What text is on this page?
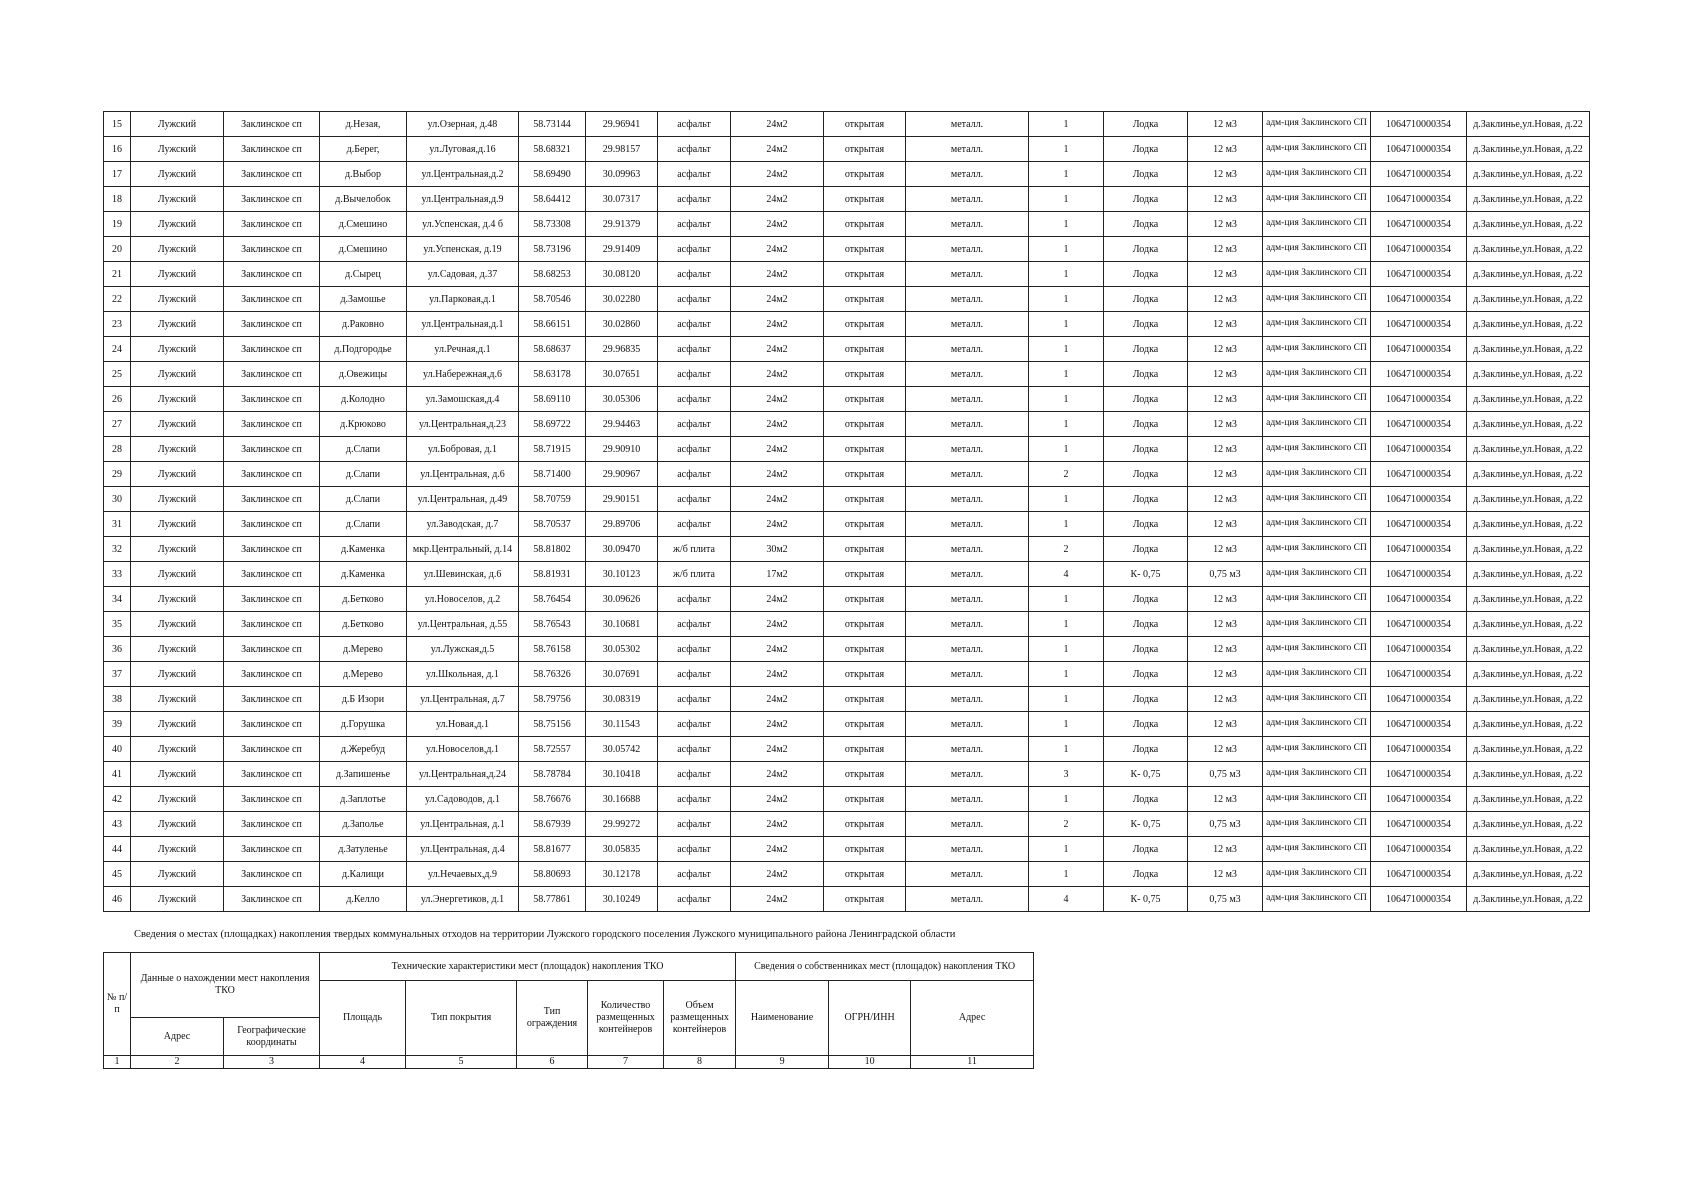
15	Лужский	Заклинское сп	д.Незая,	ул.Озерная, д.48	58.73144	29.96941	асфальт	24м2	открытая	металл.	1	Лодка	12 м3	адм-ция Заклинского СП	1064710000354	д.Заклинье,ул.Новая, д.22
16	Лужский	Заклинское сп	д.Берег,	ул.Луговая,д.16	58.68321	29.98157	асфальт	24м2	открытая	металл.	1	Лодка	12 м3	адм-ция Заклинского СП	1064710000354	д.Заклинье,ул.Новая, д.22
17	Лужский	Заклинское сп	д.Выбор	ул.Центральная,д.2	58.69490	30.09963	асфальт	24м2	открытая	металл.	1	Лодка	12 м3	адм-ция Заклинского СП	1064710000354	д.Заклинье,ул.Новая, д.22
18	Лужский	Заклинское сп	д.Вычелобок	ул.Центральная,д.9	58.64412	30.07317	асфальт	24м2	открытая	металл.	1	Лодка	12 м3	адм-ция Заклинского СП	1064710000354	д.Заклинье,ул.Новая, д.22
19	Лужский	Заклинское сп	д.Смешино	ул.Успенская, д.4 б	58.73308	29.91379	асфальт	24м2	открытая	металл.	1	Лодка	12 м3	адм-ция Заклинского СП	1064710000354	д.Заклинье,ул.Новая, д.22
20	Лужский	Заклинское сп	д.Смешино	ул.Успенская, д.19	58.73196	29.91409	асфальт	24м2	открытая	металл.	1	Лодка	12 м3	адм-ция Заклинского СП	1064710000354	д.Заклинье,ул.Новая, д.22
21	Лужский	Заклинское сп	д.Сырец	ул.Садовая, д.37	58.68253	30.08120	асфальт	24м2	открытая	металл.	1	Лодка	12 м3	адм-ция Заклинского СП	1064710000354	д.Заклинье,ул.Новая, д.22
22	Лужский	Заклинское сп	д.Замошье	ул.Парковая,д.1	58.70546	30.02280	асфальт	24м2	открытая	металл.	1	Лодка	12 м3	адм-ция Заклинского СП	1064710000354	д.Заклинье,ул.Новая, д.22
23	Лужский	Заклинское сп	д.Раковно	ул.Центральная,д.1	58.66151	30.02860	асфальт	24м2	открытая	металл.	1	Лодка	12 м3	адм-ция Заклинского СП	1064710000354	д.Заклинье,ул.Новая, д.22
24	Лужский	Заклинское сп	д.Подгородье	ул.Речная,д.1	58.68637	29.96835	асфальт	24м2	открытая	металл.	1	Лодка	12 м3	адм-ция Заклинского СП	1064710000354	д.Заклинье,ул.Новая, д.22
25	Лужский	Заклинское сп	д.Овежицы	ул.Набережная,д.6	58.63178	30.07651	асфальт	24м2	открытая	металл.	1	Лодка	12 м3	адм-ция Заклинского СП	1064710000354	д.Заклинье,ул.Новая, д.22
26	Лужский	Заклинское сп	д.Колодно	ул.Замошская,д.4	58.69110	30.05306	асфальт	24м2	открытая	металл.	1	Лодка	12 м3	адм-ция Заклинского СП	1064710000354	д.Заклинье,ул.Новая, д.22
27	Лужский	Заклинское сп	д.Крюково	ул.Центральная,д.23	58.69722	29.94463	асфальт	24м2	открытая	металл.	1	Лодка	12 м3	адм-ция Заклинского СП	1064710000354	д.Заклинье,ул.Новая, д.22
28	Лужский	Заклинское сп	д.Слапи	ул.Бобровая, д.1	58.71915	29.90910	асфальт	24м2	открытая	металл.	1	Лодка	12 м3	адм-ция Заклинского СП	1064710000354	д.Заклинье,ул.Новая, д.22
29	Лужский	Заклинское сп	д.Слапи	ул.Центральная, д.6	58.71400	29.90967	асфальт	24м2	открытая	металл.	2	Лодка	12 м3	адм-ция Заклинского СП	1064710000354	д.Заклинье,ул.Новая, д.22
30	Лужский	Заклинское сп	д.Слапи	ул.Центральная, д.49	58.70759	29.90151	асфальт	24м2	открытая	металл.	1	Лодка	12 м3	адм-ция Заклинского СП	1064710000354	д.Заклинье,ул.Новая, д.22
31	Лужский	Заклинское сп	д.Слапи	ул.Заводская, д.7	58.70537	29.89706	асфальт	24м2	открытая	металл.	1	Лодка	12 м3	адм-ция Заклинского СП	1064710000354	д.Заклинье,ул.Новая, д.22
32	Лужский	Заклинское сп	д.Каменка	мкр.Центральный, д.14	58.81802	30.09470	ж/б плита	30м2	открытая	металл.	2	Лодка	12 м3	адм-ция Заклинского СП	1064710000354	д.Заклинье,ул.Новая, д.22
33	Лужский	Заклинское сп	д.Каменка	ул.Шевинская, д.6	58.81931	30.10123	ж/б плита	17м2	открытая	металл.	4	К- 0,75	0,75 м3	адм-ция Заклинского СП	1064710000354	д.Заклинье,ул.Новая, д.22
34	Лужский	Заклинское сп	д.Бетково	ул.Новоселов, д.2	58.76454	30.09626	асфальт	24м2	открытая	металл.	1	Лодка	12 м3	адм-ция Заклинского СП	1064710000354	д.Заклинье,ул.Новая, д.22
35	Лужский	Заклинское сп	д.Бетково	ул.Центральная, д.55	58.76543	30.10681	асфальт	24м2	открытая	металл.	1	Лодка	12 м3	адм-ция Заклинского СП	1064710000354	д.Заклинье,ул.Новая, д.22
36	Лужский	Заклинское сп	д.Мерево	ул.Лужская,д.5	58.76158	30.05302	асфальт	24м2	открытая	металл.	1	Лодка	12 м3	адм-ция Заклинского СП	1064710000354	д.Заклинье,ул.Новая, д.22
37	Лужский	Заклинское сп	д.Мерево	ул.Школьная, д.1	58.76326	30.07691	асфальт	24м2	открытая	металл.	1	Лодка	12 м3	адм-ция Заклинского СП	1064710000354	д.Заклинье,ул.Новая, д.22
38	Лужский	Заклинское сп	д.Б Изори	ул.Центральная, д.7	58.79756	30.08319	асфальт	24м2	открытая	металл.	1	Лодка	12 м3	адм-ция Заклинского СП	1064710000354	д.Заклинье,ул.Новая, д.22
39	Лужский	Заклинское сп	д.Горушка	ул.Новая,д.1	58.75156	30.11543	асфальт	24м2	открытая	металл.	1	Лодка	12 м3	адм-ция Заклинского СП	1064710000354	д.Заклинье,ул.Новая, д.22
40	Лужский	Заклинское сп	д.Жеребуд	ул.Новоселов,д.1	58.72557	30.05742	асфальт	24м2	открытая	металл.	1	Лодка	12 м3	адм-ция Заклинского СП	1064710000354	д.Заклинье,ул.Новая, д.22
41	Лужский	Заклинское сп	д.Запишенье	ул.Центральная,д.24	58.78784	30.10418	асфальт	24м2	открытая	металл.	3	К- 0,75	0,75 м3	адм-ция Заклинского СП	1064710000354	д.Заклинье,ул.Новая, д.22
42	Лужский	Заклинское сп	д.Заплотье	ул.Садоводов, д.1	58.76676	30.16688	асфальт	24м2	открытая	металл.	1	Лодка	12 м3	адм-ция Заклинского СП	1064710000354	д.Заклинье,ул.Новая, д.22
43	Лужский	Заклинское сп	д.Заполье	ул.Центральная, д.1	58.67939	29.99272	асфальт	24м2	открытая	металл.	2	К- 0,75	0,75 м3	адм-ция Заклинского СП	1064710000354	д.Заклинье,ул.Новая, д.22
44	Лужский	Заклинское сп	д.Затуленье	ул.Центральная, д.4	58.81677	30.05835	асфальт	24м2	открытая	металл.	1	Лодка	12 м3	адм-ция Заклинского СП	1064710000354	д.Заклинье,ул.Новая, д.22
45	Лужский	Заклинское сп	д.Калищи	ул.Нечаевых,д.9	58.80693	30.12178	асфальт	24м2	открытая	металл.	1	Лодка	12 м3	адм-ция Заклинского СП	1064710000354	д.Заклинье,ул.Новая, д.22
46	Лужский	Заклинское сп	д.Келло	ул.Энергетиков, д.1	58.77861	30.10249	асфальт	24м2	открытая	металл.	4	К- 0,75	0,75 м3	адм-ция Заклинского СП	1064710000354	д.Заклинье,ул.Новая, д.22
Сведения о местах (площадках) накопления твердых коммунальных отходов на территории Лужского городского поселения Лужского муниципального района Ленинградской области
№ п/п	Данные о нахождении мест накопления ТКО		Технические характеристики мест (площадок) накопления ТКО					Сведения о собственниках мест (площадок) накопления ТКО		
			Площадь	Тип покрытия	Тип ограждения	Количество размещенных контейнеров	Объем размещенных контейнеров	Наименование	ОГРН/ИНН	Адрес
	Адрес	Географические координаты								
1	2	3	4	5	6	7	8	9	10	11
